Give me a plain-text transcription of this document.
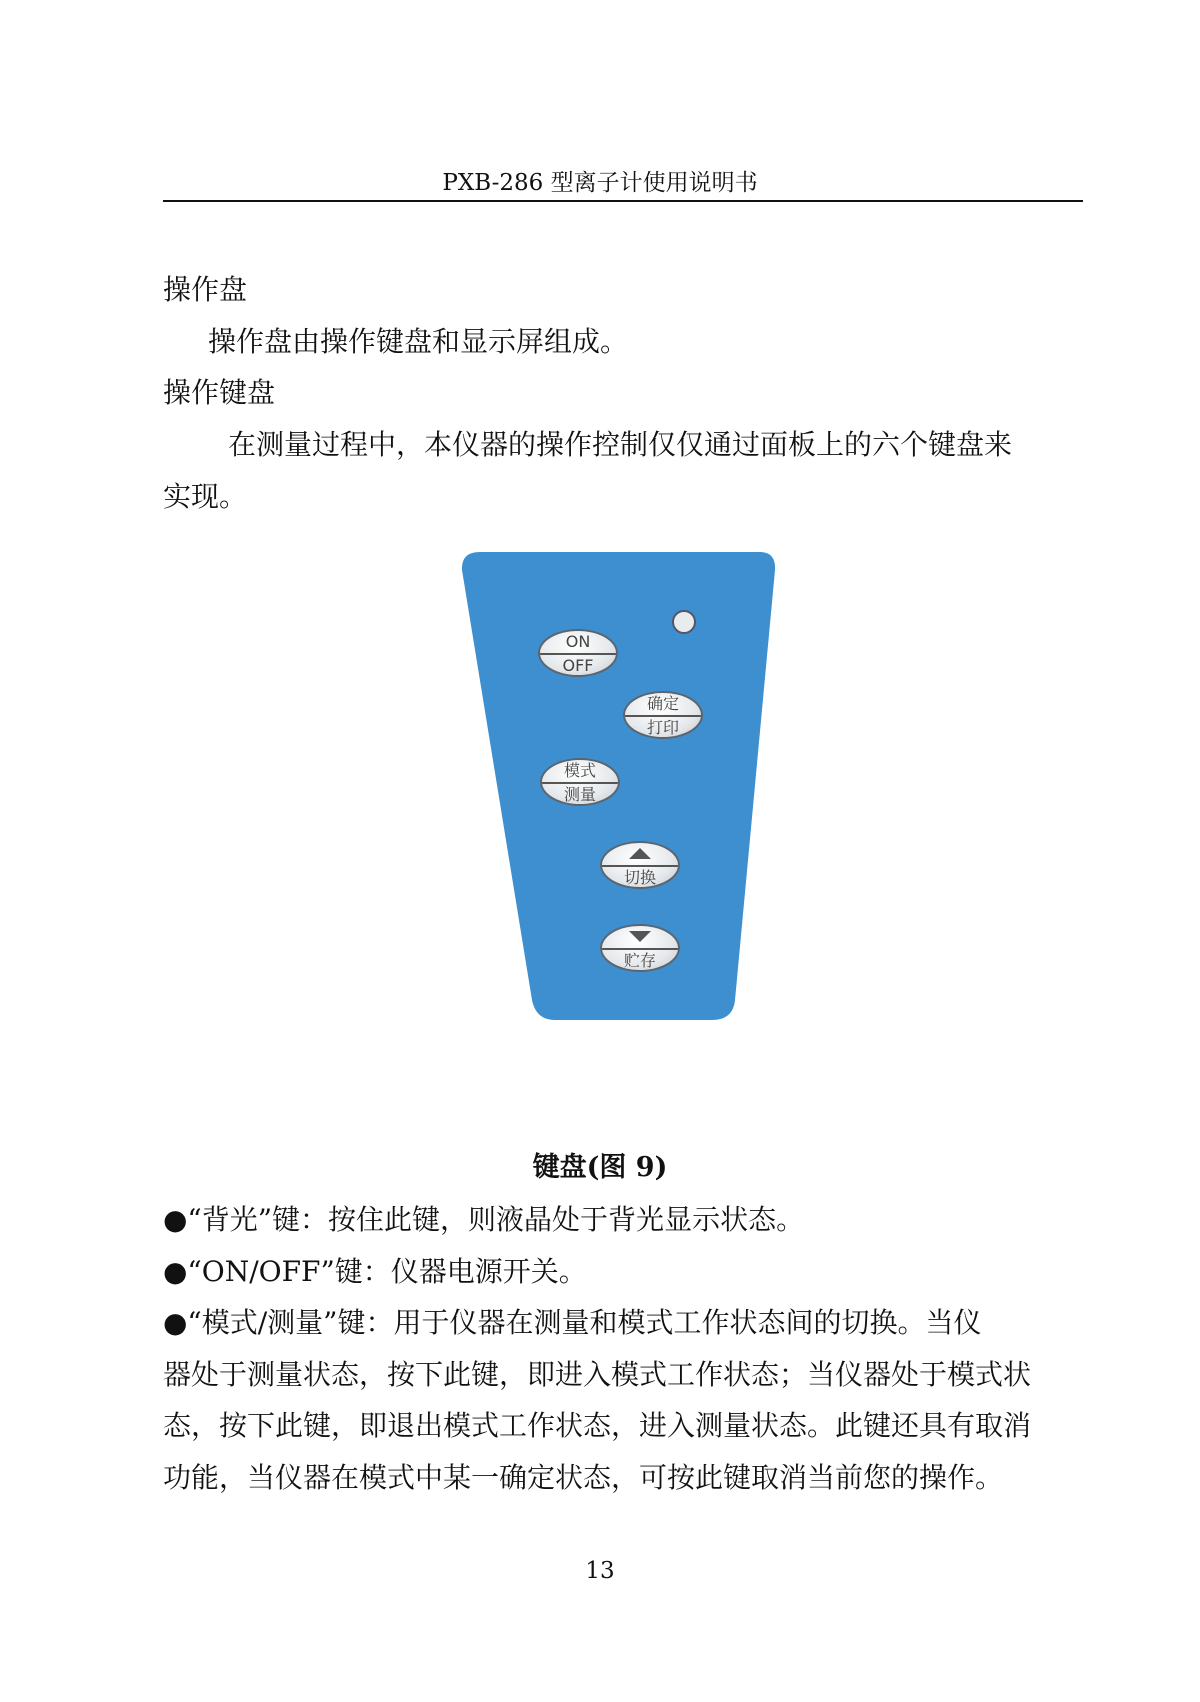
PXB-286 型离子计使用说明书
操作盘
操作盘由操作键盘和显示屏组成。
操作键盘
在测量过程中，本仪器的操作控制仅仅通过面板上的六个键盘来
实现。
ON
OFF
确定
打印
模式
测量
切换
贮存
键盘(图 9)
●“背光”键：按住此键，则液晶处于背光显示状态。
●“ON/OFF”键：仪器电源开关。
●“模式/测量”键：用于仪器在测量和模式工作状态间的切换。当仪
器处于测量状态，按下此键，即进入模式工作状态；当仪器处于模式状
态，按下此键，即退出模式工作状态，进入测量状态。此键还具有取消
功能，当仪器在模式中某一确定状态，可按此键取消当前您的操作。
13
